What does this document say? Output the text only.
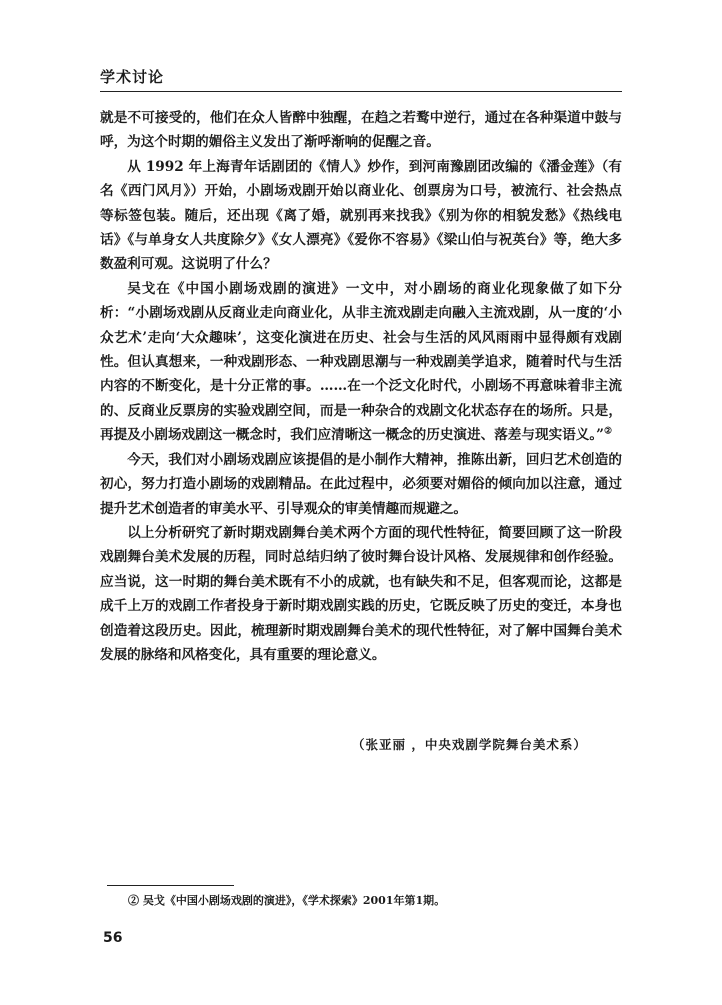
学术讨论

就是不可接受的，他们在众人皆醉中独醒，在趋之若鹜中逆行，通过在各种渠道中鼓与呼，为这个时期的媚俗主义发出了渐呼渐响的促醒之音。

从 1992 年上海青年话剧团的《情人》炒作，到河南豫剧团改编的《潘金莲》（有名《西门风月》）开始，小剧场戏剧开始以商业化、创票房为口号，被流行、社会热点等标签包装。随后，还出现《离了婚，就别再来找我》《别为你的相貌发愁》《热线电话》《与单身女人共度除夕》《女人漂亮》《爱你不容易》《梁山伯与祝英台》等，绝大多数盈利可观。这说明了什么？

吴戈在《中国小剧场戏剧的演进》一文中，对小剧场的商业化现象做了如下分析：“小剧场戏剧从反商业走向商业化，从非主流戏剧走向融入主流戏剧，从一度的‘小众艺术’走向‘大众趣味’，这变化演进在历史、社会与生活的风风雨雨中显得颇有戏剧性。但认真想来，一种戏剧形态、一种戏剧思潮与一种戏剧美学追求，随着时代与生活内容的不断变化，是十分正常的事。……在一个泛文化时代，小剧场不再意味着非主流的、反商业反票房的实验戏剧空间，而是一种杂合的戏剧文化状态存在的场所。只是，再提及小剧场戏剧这一概念时，我们应清晰这一概念的历史演进、落差与现实语义。”②

今天，我们对小剧场戏剧应该提倡的是小制作大精神，推陈出新，回归艺术创造的初心，努力打造小剧场的戏剧精品。在此过程中，必须要对媚俗的倾向加以注意，通过提升艺术创造者的审美水平、引导观众的审美情趣而规避之。

以上分析研究了新时期戏剧舞台美术两个方面的现代性特征，简要回顾了这一阶段戏剧舞台美术发展的历程，同时总结归纳了彼时舞台设计风格、发展规律和创作经验。应当说，这一时期的舞台美术既有不小的成就，也有缺失和不足，但客观而论，这都是成千上万的戏剧工作者投身于新时期戏剧实践的历史，它既反映了历史的变迁，本身也创造着这段历史。因此，梳理新时期戏剧舞台美术的现代性特征，对了解中国舞台美术发展的脉络和风格变化，具有重要的理论意义。

（张亚丽 ，中央戏剧学院舞台美术系）

② 吴戈《中国小剧场戏剧的演进》，《学术探索》2001年第1期。

56
